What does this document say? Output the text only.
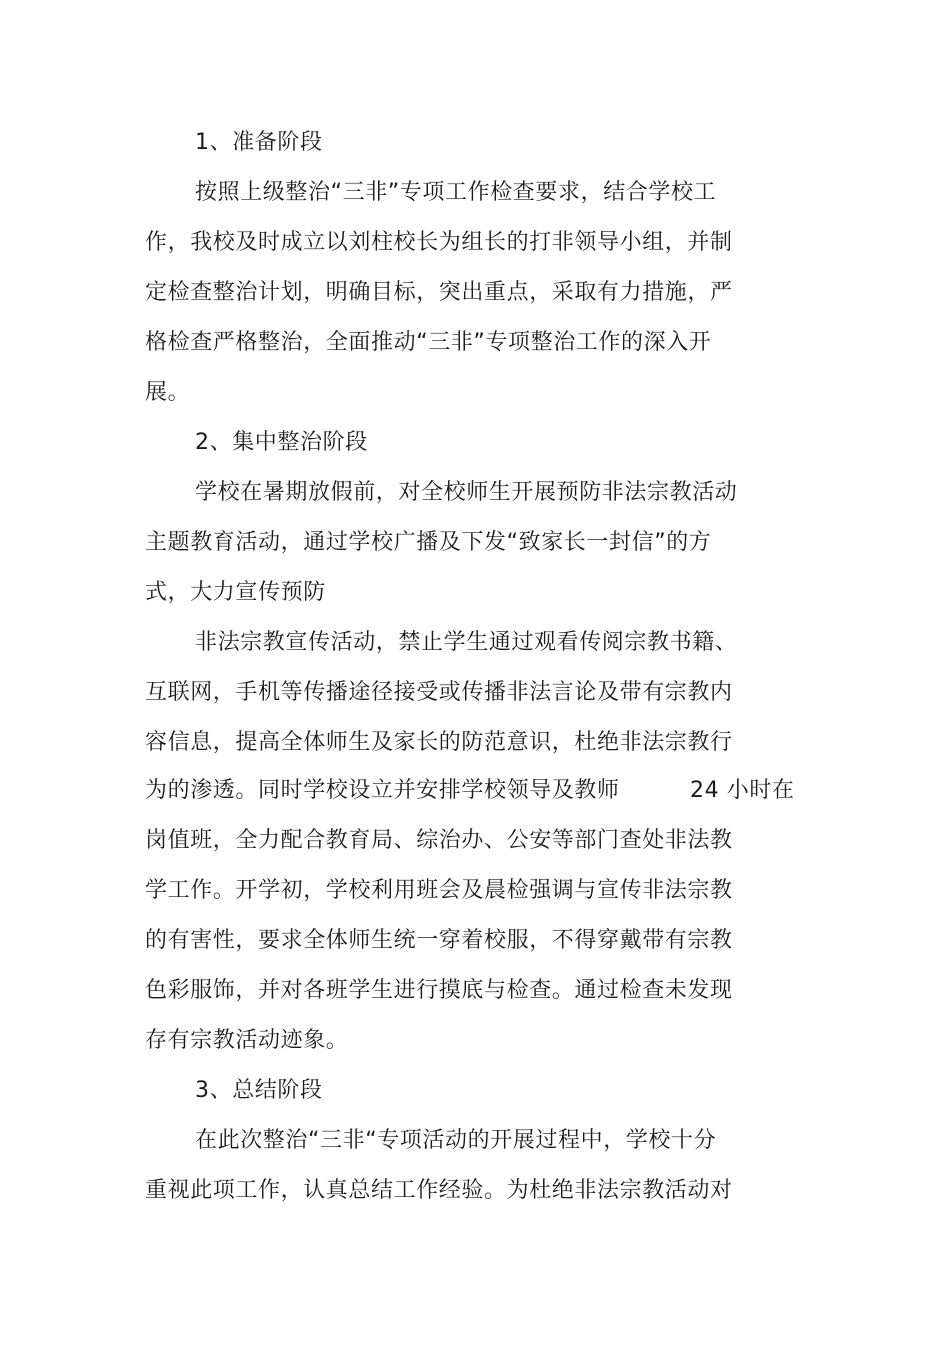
1、准备阶段
按照上级整治“三非”专项工作检查要求，结合学校工
作，我校及时成立以刘柱校长为组长的打非领导小组，并制
定检查整治计划，明确目标，突出重点，采取有力措施，严
格检查严格整治，全面推动“三非”专项整治工作的深入开
展。
2、集中整治阶段
学校在暑期放假前，对全校师生开展预防非法宗教活动
主题教育活动，通过学校广播及下发“致家长一封信”的方
式，大力宣传预防
非法宗教宣传活动，禁止学生通过观看传阅宗教书籍、
互联网，手机等传播途径接受或传播非法言论及带有宗教内
容信息，提高全体师生及家长的防范意识，杜绝非法宗教行
为的渗透。同时学校设立并安排学校领导及教师	24 小时在
岗值班，全力配合教育局、综治办、公安等部门查处非法教
学工作。开学初，学校利用班会及晨检强调与宣传非法宗教
的有害性，要求全体师生统一穿着校服，不得穿戴带有宗教
色彩服饰，并对各班学生进行摸底与检查。通过检查未发现
存有宗教活动迹象。
3、总结阶段
在此次整治“三非“专项活动的开展过程中，学校十分
重视此项工作，认真总结工作经验。为杜绝非法宗教活动对
